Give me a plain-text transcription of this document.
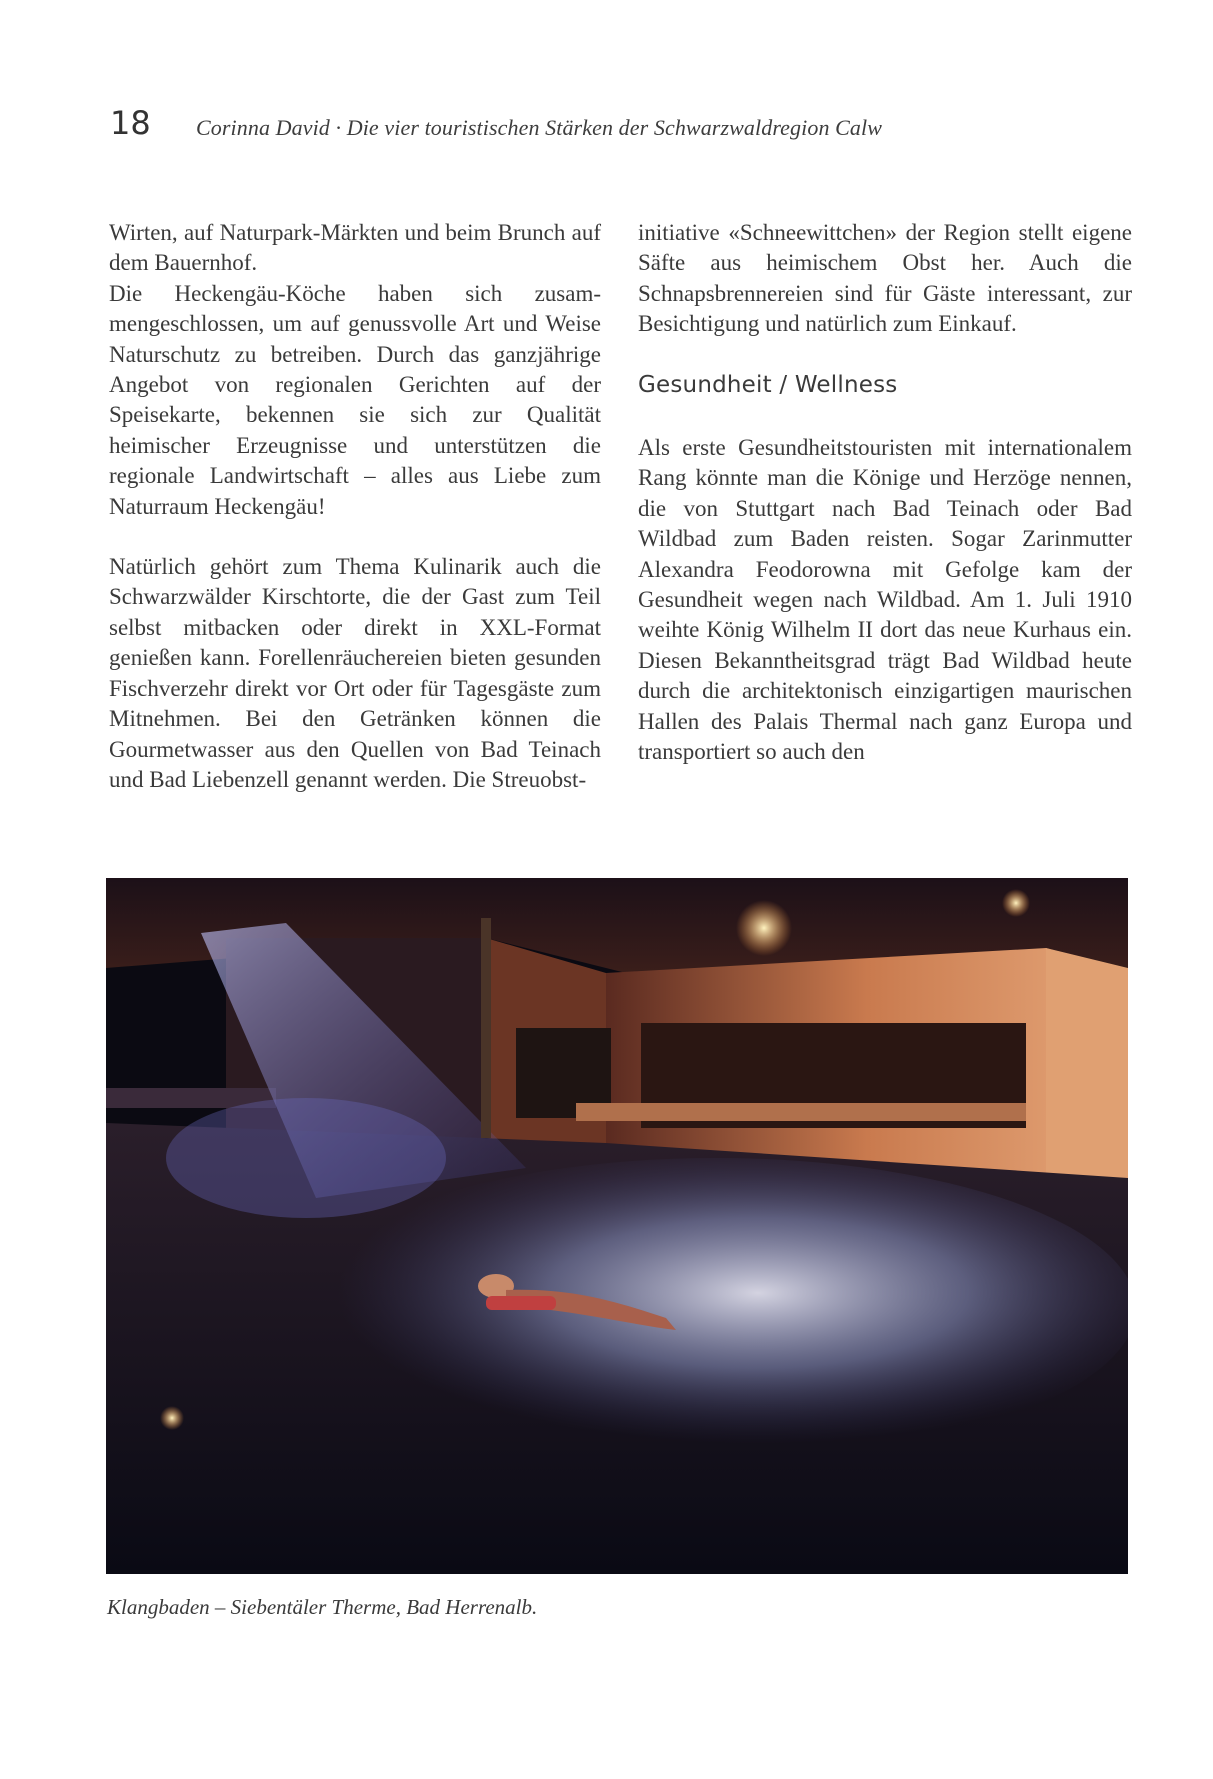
18 Corinna David · Die vier touristischen Stärken der Schwarzwaldregion Calw

Wirten, auf Naturpark-Märkten und beim Brunch auf dem Bauernhof.

Die Heckengäu-Köche haben sich zusammengeschlossen, um auf genussvolle Art und Weise Naturschutz zu betreiben. Durch das ganzjährige Angebot von regionalen Gerichten auf der Speisekarte, bekennen sie sich zur Qualität heimischer Erzeugnisse und unterstützen die regionale Landwirtschaft – alles aus Liebe zum Naturraum Heckengäu!

Natürlich gehört zum Thema Kulinarik auch die Schwarzwälder Kirschtorte, die der Gast zum Teil selbst mitbacken oder direkt in XXL-Format genießen kann. Forellenräuchereien bieten gesunden Fischverzehr direkt vor Ort oder für Tagesgäste zum Mitnehmen. Bei den Getränken können die Gourmetwasser aus den Quellen von Bad Teinach und Bad Liebenzell genannt werden. Die Streuobst-

initiative «Schneewittchen» der Region stellt eigene Säfte aus heimischem Obst her. Auch die Schnapsbrennereien sind für Gäste interessant, zur Besichtigung und natürlich zum Einkauf.

Gesundheit / Wellness

Als erste Gesundheitstouristen mit internationalem Rang könnte man die Könige und Herzöge nennen, die von Stuttgart nach Bad Teinach oder Bad Wildbad zum Baden reisten. Sogar Zarinmutter Alexandra Feodorowna mit Gefolge kam der Gesundheit wegen nach Wildbad. Am 1. Juli 1910 weihte König Wilhelm II dort das neue Kurhaus ein. Diesen Bekanntheitsgrad trägt Bad Wildbad heute durch die architektonisch einzigartigen maurischen Hallen des Palais Thermal nach ganz Europa und transportiert so auch den

Klangbaden – Siebentäler Therme, Bad Herrenalb.
